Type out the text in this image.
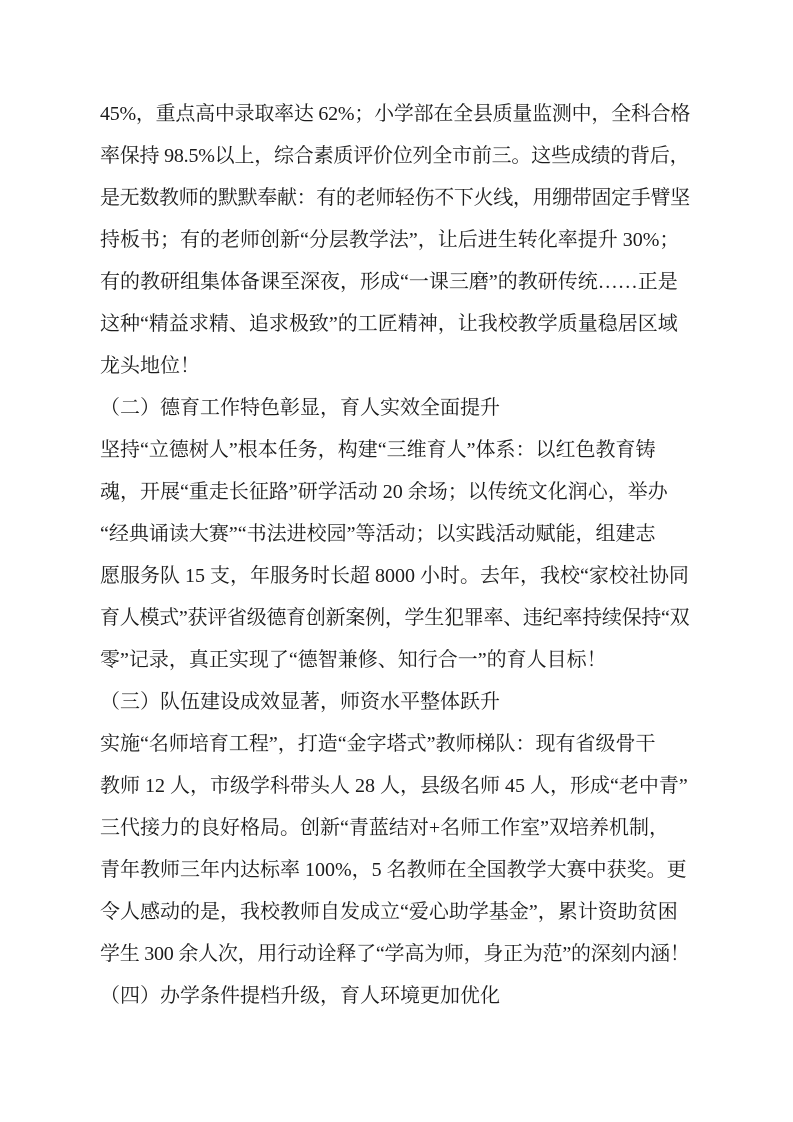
45%，重点高中录取率达 62%；小学部在全县质量监测中，全科合格
率保持 98.5%以上，综合素质评价位列全市前三。这些成绩的背后，
是无数教师的默默奉献：有的老师轻伤不下火线，用绷带固定手臂坚
持板书；有的老师创新“分层教学法”，让后进生转化率提升 30%；
有的教研组集体备课至深夜，形成“一课三磨”的教研传统……正是
这种“精益求精、追求极致”的工匠精神，让我校教学质量稳居区域
龙头地位！
（二）德育工作特色彰显，育人实效全面提升
坚持“立德树人”根本任务，构建“三维育人”体系：以红色教育铸
魂，开展“重走长征路”研学活动 20 余场；以传统文化润心，举办
“经典诵读大赛”“书法进校园”等活动；以实践活动赋能，组建志
愿服务队 15 支，年服务时长超 8000 小时。去年，我校“家校社协同
育人模式”获评省级德育创新案例，学生犯罪率、违纪率持续保持“双
零”记录，真正实现了“德智兼修、知行合一”的育人目标！
（三）队伍建设成效显著，师资水平整体跃升
实施“名师培育工程”，打造“金字塔式”教师梯队：现有省级骨干
教师 12 人，市级学科带头人 28 人，县级名师 45 人，形成“老中青”
三代接力的良好格局。创新“青蓝结对+名师工作室”双培养机制，
青年教师三年内达标率 100%，5 名教师在全国教学大赛中获奖。更
令人感动的是，我校教师自发成立“爱心助学基金”，累计资助贫困
学生 300 余人次，用行动诠释了“学高为师，身正为范”的深刻内涵！
（四）办学条件提档升级，育人环境更加优化
